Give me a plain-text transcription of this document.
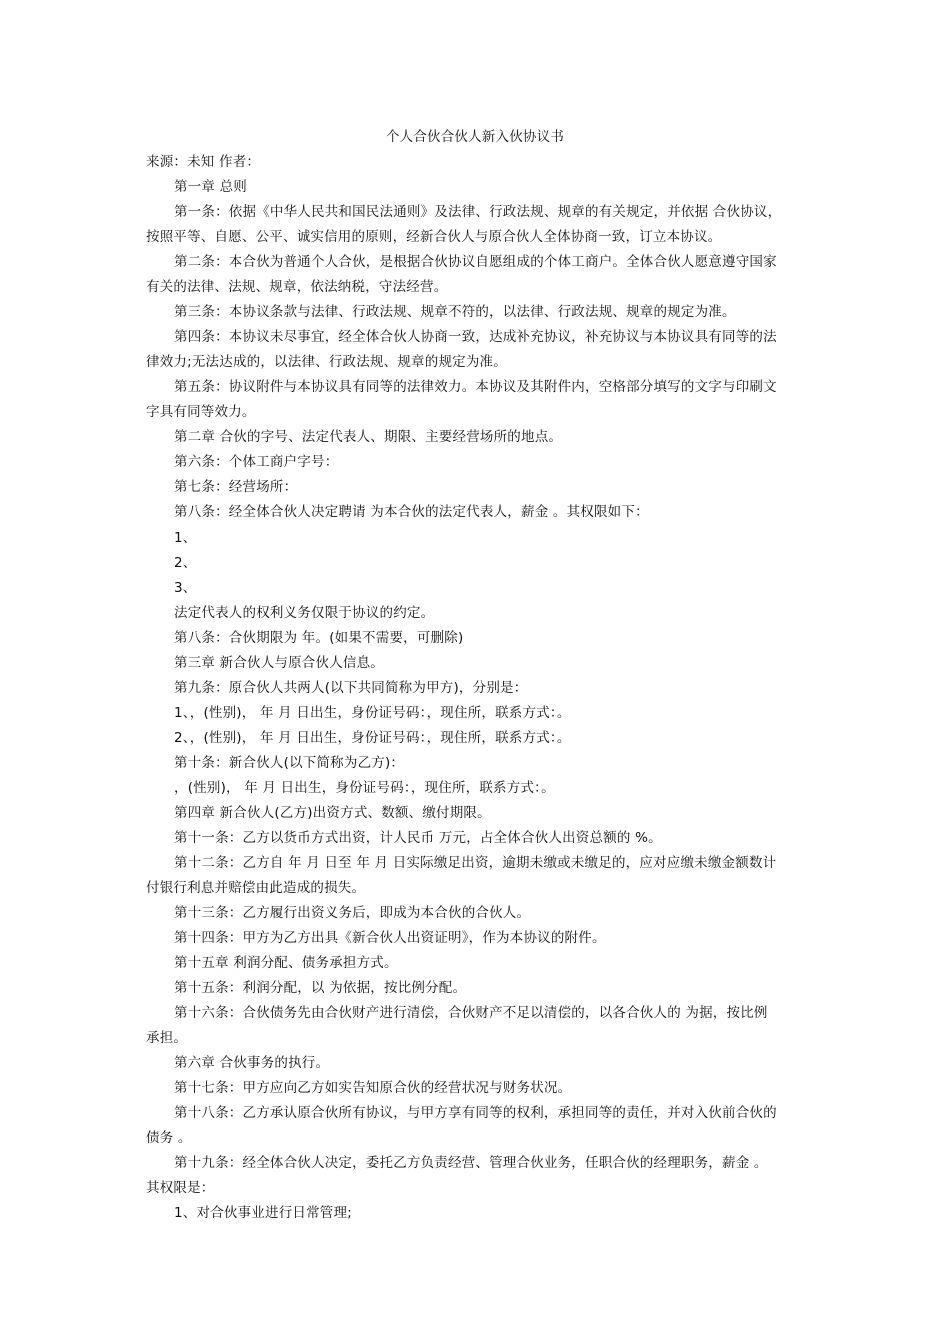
个人合伙合伙人新入伙协议书
来源：未知 作者：
第一章 总则
第一条：依据《中华人民共和国民法通则》及法律、行政法规、规章的有关规定，并依据 合伙协议，
按照平等、自愿、公平、诚实信用的原则，经新合伙人与原合伙人全体协商一致，订立本协议。
第二条：本合伙为普通个人合伙，是根据合伙协议自愿组成的个体工商户。全体合伙人愿意遵守国家
有关的法律、法规、规章，依法纳税，守法经营。
第三条：本协议条款与法律、行政法规、规章不符的，以法律、行政法规、规章的规定为准。
第四条：本协议未尽事宜，经全体合伙人协商一致，达成补充协议，补充协议与本协议具有同等的法
律效力;无法达成的，以法律、行政法规、规章的规定为准。
第五条：协议附件与本协议具有同等的法律效力。本协议及其附件内，空格部分填写的文字与印刷文
字具有同等效力。
第二章 合伙的字号、法定代表人、期限、主要经营场所的地点。
第六条：个体工商户字号：
第七条：经营场所：
第八条：经全体合伙人决定聘请 为本合伙的法定代表人，薪金 。其权限如下：
1、
2、
3、
法定代表人的权利义务仅限于协议的约定。
第八条：合伙期限为 年。(如果不需要，可删除)
第三章 新合伙人与原合伙人信息。
第九条：原合伙人共两人(以下共同简称为甲方)，分别是：
1、，(性别)， 年 月 日出生，身份证号码：，现住所，联系方式：。
2、，(性别)， 年 月 日出生，身份证号码：，现住所，联系方式：。
第十条：新合伙人(以下简称为乙方)：
，(性别)， 年 月 日出生，身份证号码：，现住所，联系方式：。
第四章 新合伙人(乙方)出资方式、数额、缴付期限。
第十一条：乙方以货币方式出资，计人民币 万元，占全体合伙人出资总额的 %。
第十二条：乙方自 年 月 日至 年 月 日实际缴足出资，逾期未缴或未缴足的，应对应缴未缴金额数计
付银行利息并赔偿由此造成的损失。
第十三条：乙方履行出资义务后，即成为本合伙的合伙人。
第十四条：甲方为乙方出具《新合伙人出资证明》，作为本协议的附件。
第十五章 利润分配、债务承担方式。
第十五条：利润分配，以 为依据，按比例分配。
第十六条：合伙债务先由合伙财产进行清偿，合伙财产不足以清偿的，以各合伙人的 为据，按比例
承担。
第六章 合伙事务的执行。
第十七条：甲方应向乙方如实告知原合伙的经营状况与财务状况。
第十八条：乙方承认原合伙所有协议，与甲方享有同等的权利，承担同等的责任，并对入伙前合伙的
债务 。
第十九条：经全体合伙人决定，委托乙方负责经营、管理合伙业务，任职合伙的经理职务，薪金 。
其权限是：
1、对合伙事业进行日常管理;
